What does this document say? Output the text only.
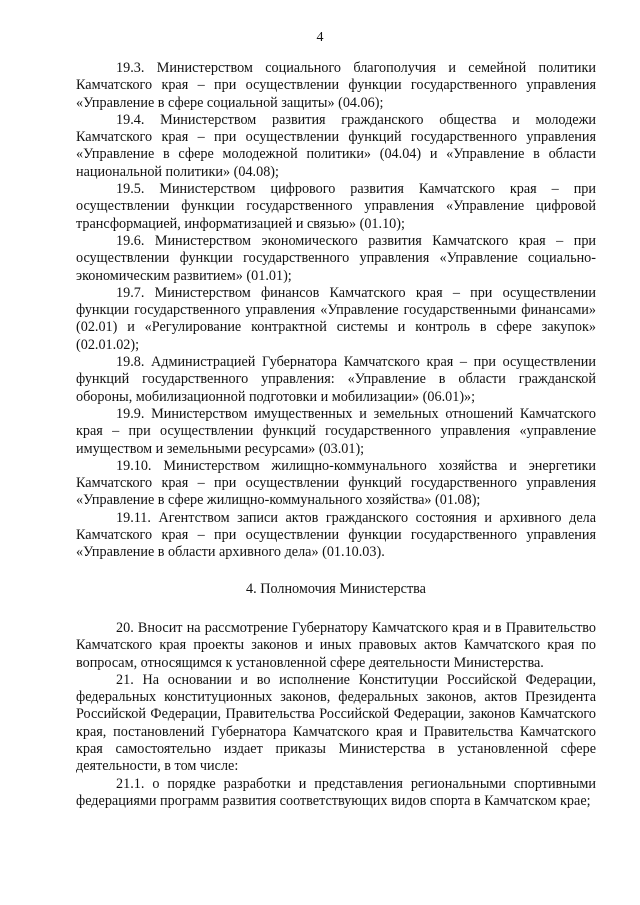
4

19.3. Министерством социального благополучия и семейной политики Камчатского края – при осуществлении функции государственного управления «Управление в сфере социальной защиты» (04.06);

19.4. Министерством развития гражданского общества и молодежи Камчатского края – при осуществлении функций государственного управления «Управление в сфере молодежной политики» (04.04) и «Управление в области национальной политики» (04.08);

19.5. Министерством цифрового развития Камчатского края – при осуществлении функции государственного управления «Управление цифровой трансформацией, информатизацией и связью» (01.10);

19.6. Министерством экономического развития Камчатского края – при осуществлении функции государственного управления «Управление социально-экономическим развитием» (01.01);

19.7. Министерством финансов Камчатского края – при осуществлении функции государственного управления «Управление государственными финансами» (02.01) и «Регулирование контрактной системы и контроль в сфере закупок» (02.01.02);

19.8. Администрацией Губернатора Камчатского края – при осуществлении функций государственного управления: «Управление в области гражданской обороны, мобилизационной подготовки и мобилизации» (06.01)»;

19.9. Министерством имущественных и земельных отношений Камчатского края – при осуществлении функций государственного управления «управление имуществом и земельными ресурсами» (03.01);

19.10. Министерством жилищно-коммунального хозяйства и энергетики Камчатского края – при осуществлении функций государственного управления «Управление в сфере жилищно-коммунального хозяйства» (01.08);

19.11. Агентством записи актов гражданского состояния и архивного дела Камчатского края – при осуществлении функции государственного управления «Управление в области архивного дела» (01.10.03).

4. Полномочия Министерства

20. Вносит на рассмотрение Губернатору Камчатского края и в Правительство Камчатского края проекты законов и иных правовых актов Камчатского края по вопросам, относящимся к установленной сфере деятельности Министерства.

21. На основании и во исполнение Конституции Российской Федерации, федеральных конституционных законов, федеральных законов, актов Президента Российской Федерации, Правительства Российской Федерации, законов Камчатского края, постановлений Губернатора Камчатского края и Правительства Камчатского края самостоятельно издает приказы Министерства в установленной сфере деятельности, в том числе:

21.1. о порядке разработки и представления региональными спортивными федерациями программ развития соответствующих видов спорта в Камчатском крае;
